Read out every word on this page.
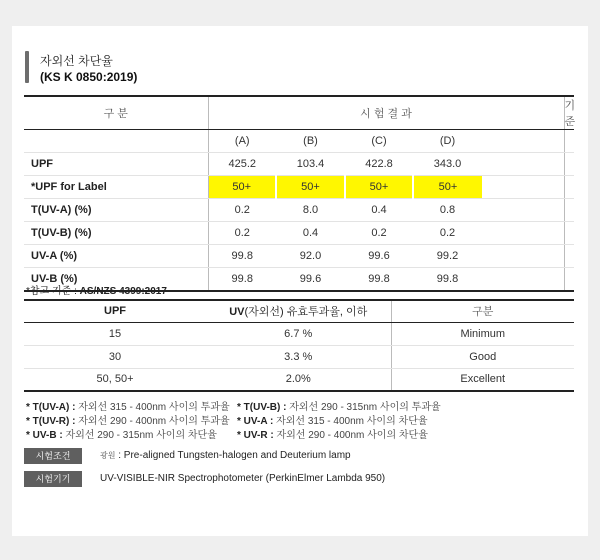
자외선 차단율
(KS K 0850:2019)
구 분	시 험 결 과					기 준
	(A)	(B)	(C)	(D)		
UPF	425.2	103.4	422.8	343.0		
*UPF for Label	50+	50+	50+	50+		
T(UV-A) (%)	0.2	8.0	0.4	0.8		
T(UV-B) (%)	0.2	0.4	0.2	0.2		
UV-A (%)	99.8	92.0	99.6	99.2		
UV-B (%)	99.8	99.6	99.8	99.8		
*참고 기준 : AS/NZS 4399:2017
UPF	UV(자외선) 유효투과율, 이하	구분
15	6.7 %	Minimum
30	3.3 %	Good
50, 50+	2.0%	Excellent
* T(UV-A) : 자외선 315 - 400nm 사이의 투과율 * T(UV-B) : 자외선 290 - 315nm 사이의 투과율
* T(UV-R) : 자외선 290 - 400nm 사이의 투과율 * UV-A : 자외선 315 - 400nm 사이의 차단율
* UV-B : 자외선 290 - 315nm 사이의 차단율 * UV-R : 자외선 290 - 400nm 사이의 차단율
시험조건	광원 : Pre-aligned Tungsten-halogen and Deuterium lamp
시험기기	UV-VISIBLE-NIR Spectrophotometer (PerkinElmer Lambda 950)
